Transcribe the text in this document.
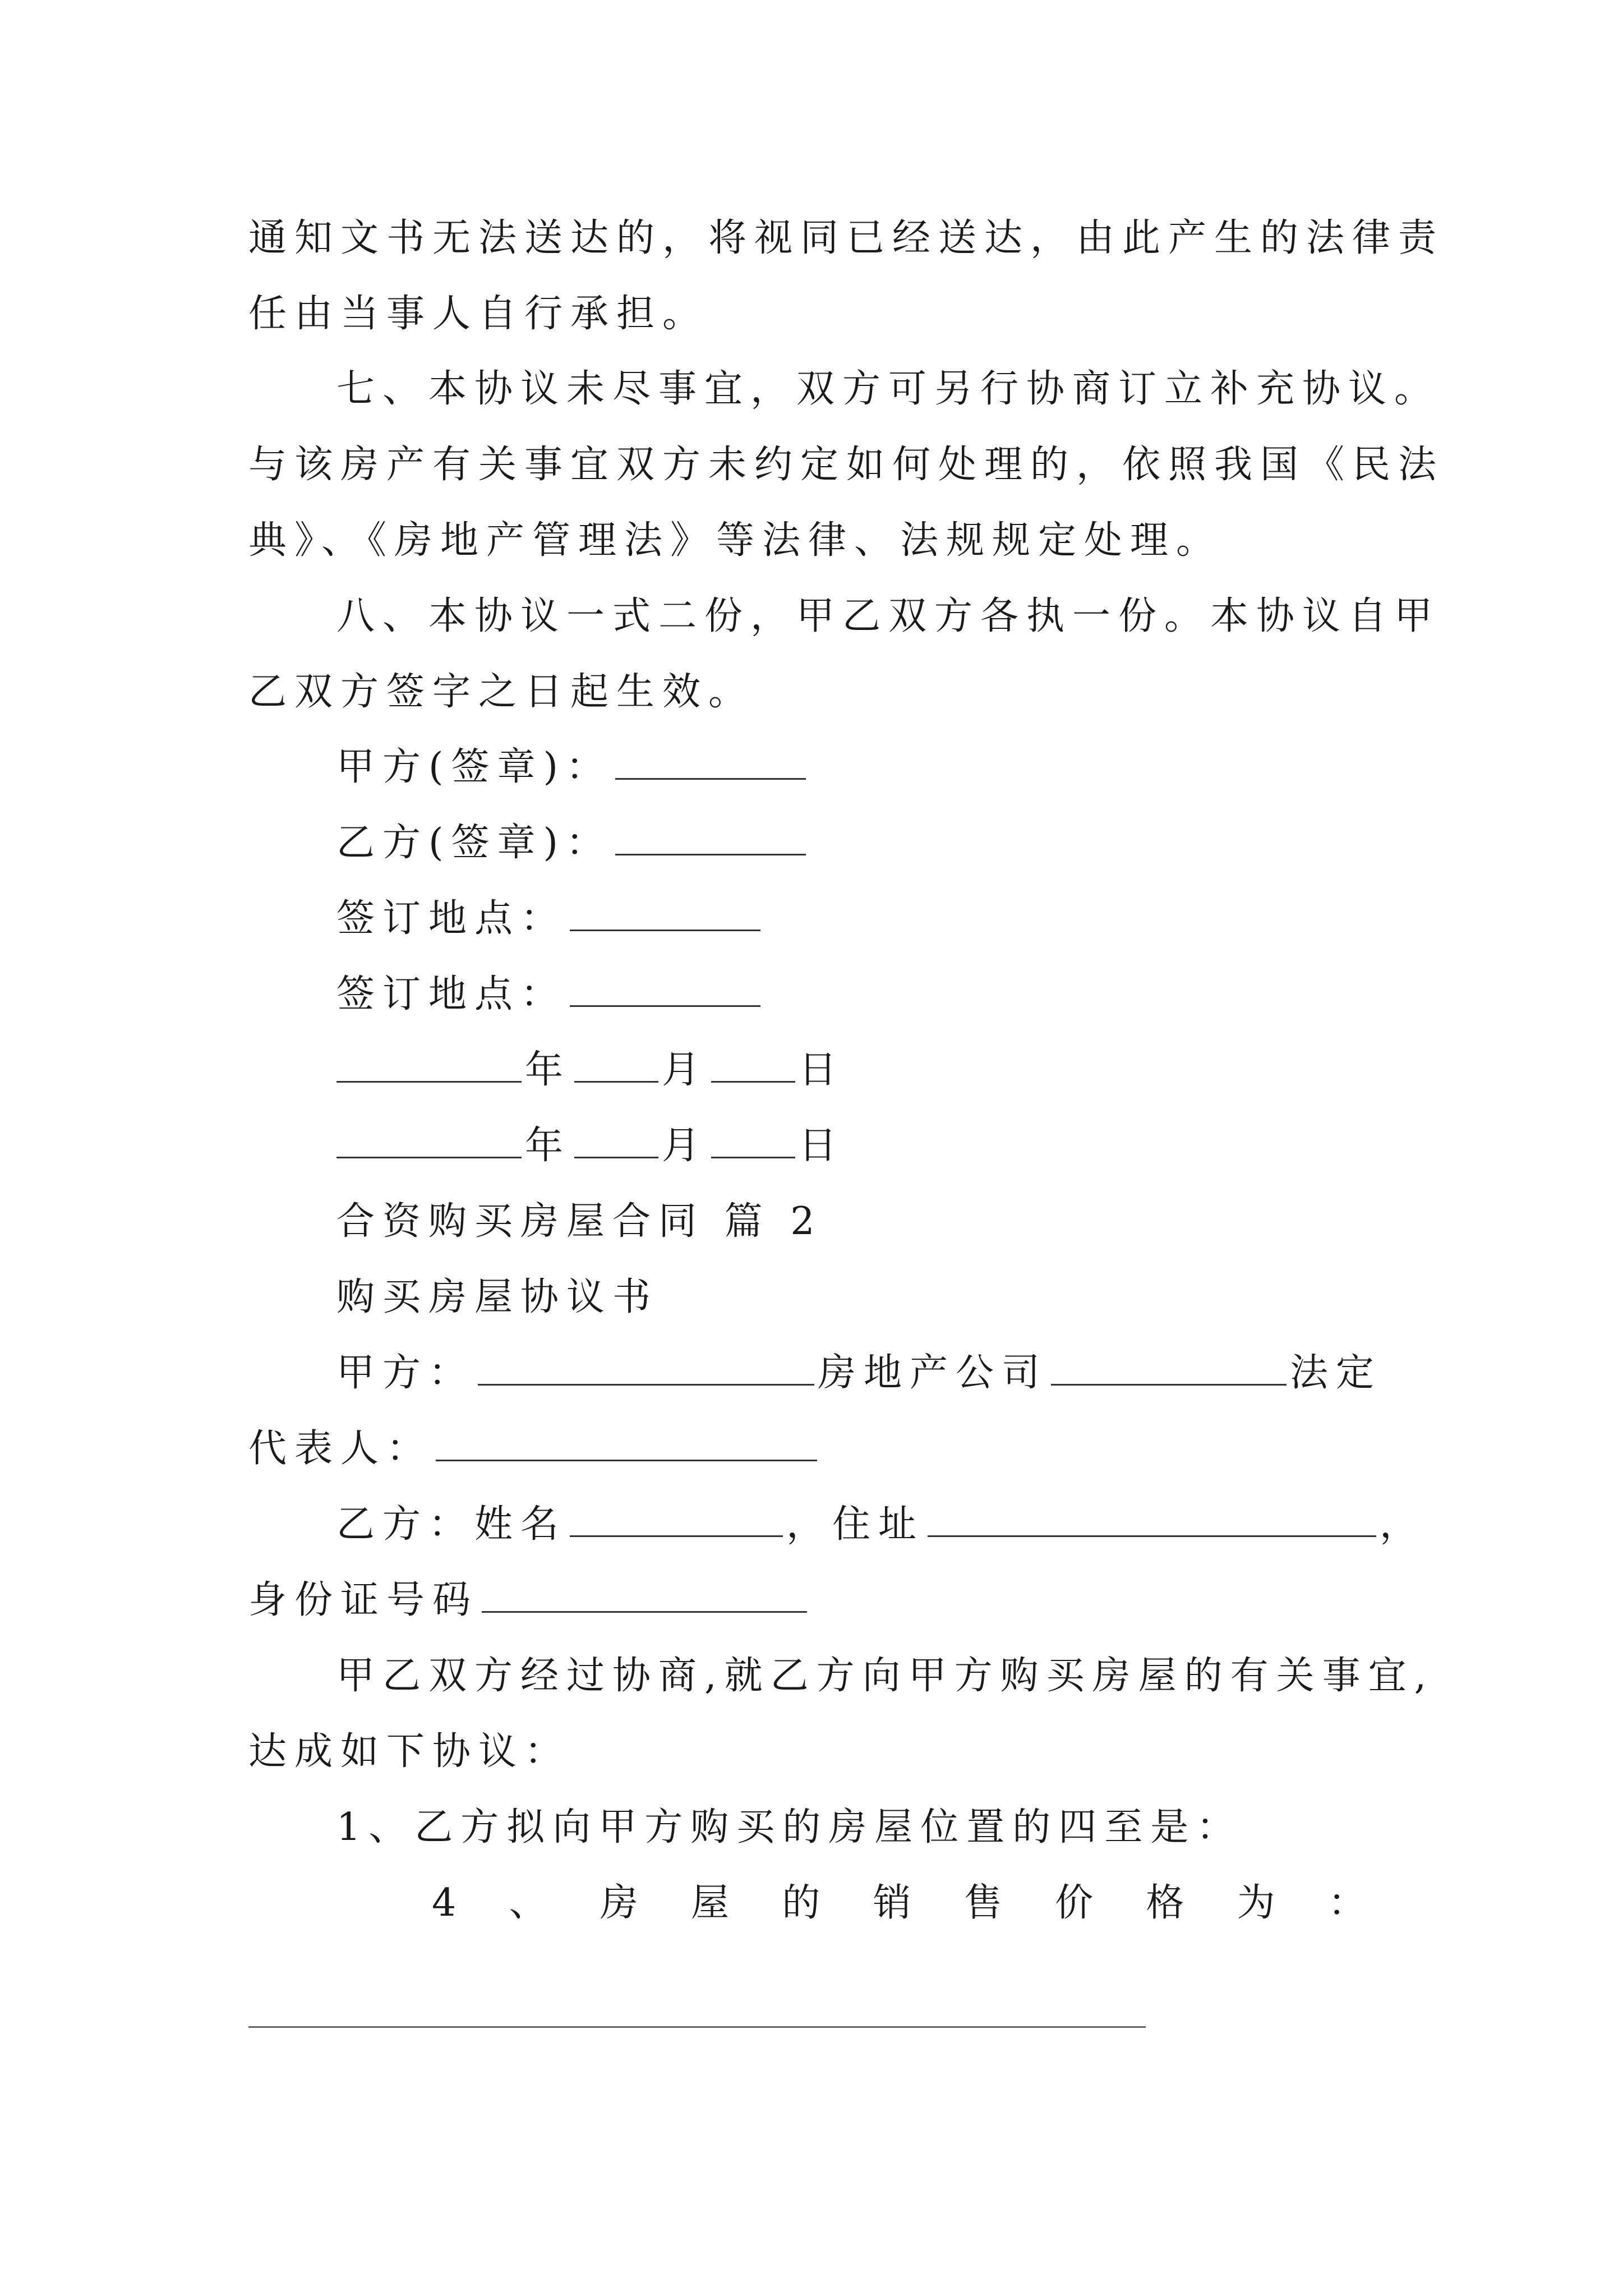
通知文书无法送达的，将视同已经送达，由此产生的法律责
任由当事人自行承担。
七、本协议未尽事宜，双方可另行协商订立补充协议。
与该房产有关事宜双方未约定如何处理的，依照我国《民法
典》、《房地产管理法》等法律、法规规定处理。
八、本协议一式二份，甲乙双方各执一份。本协议自甲
乙双方签字之日起生效。
甲方(签章)：
乙方(签章)：
签订地点：
签订地点：
年 月 日
年 月 日
合资购买房屋合同 篇 2
购买房屋协议书
甲方：	房地产公司	法定
代表人：
乙方：姓名	，住址	，
身份证号码
甲乙双方经过协商,就乙方向甲方购买房屋的有关事宜,
达成如下协议：
1、乙方拟向甲方购买的房屋位置的四至是：
4 、 房 屋 的 销 售 价 格 为 ：
